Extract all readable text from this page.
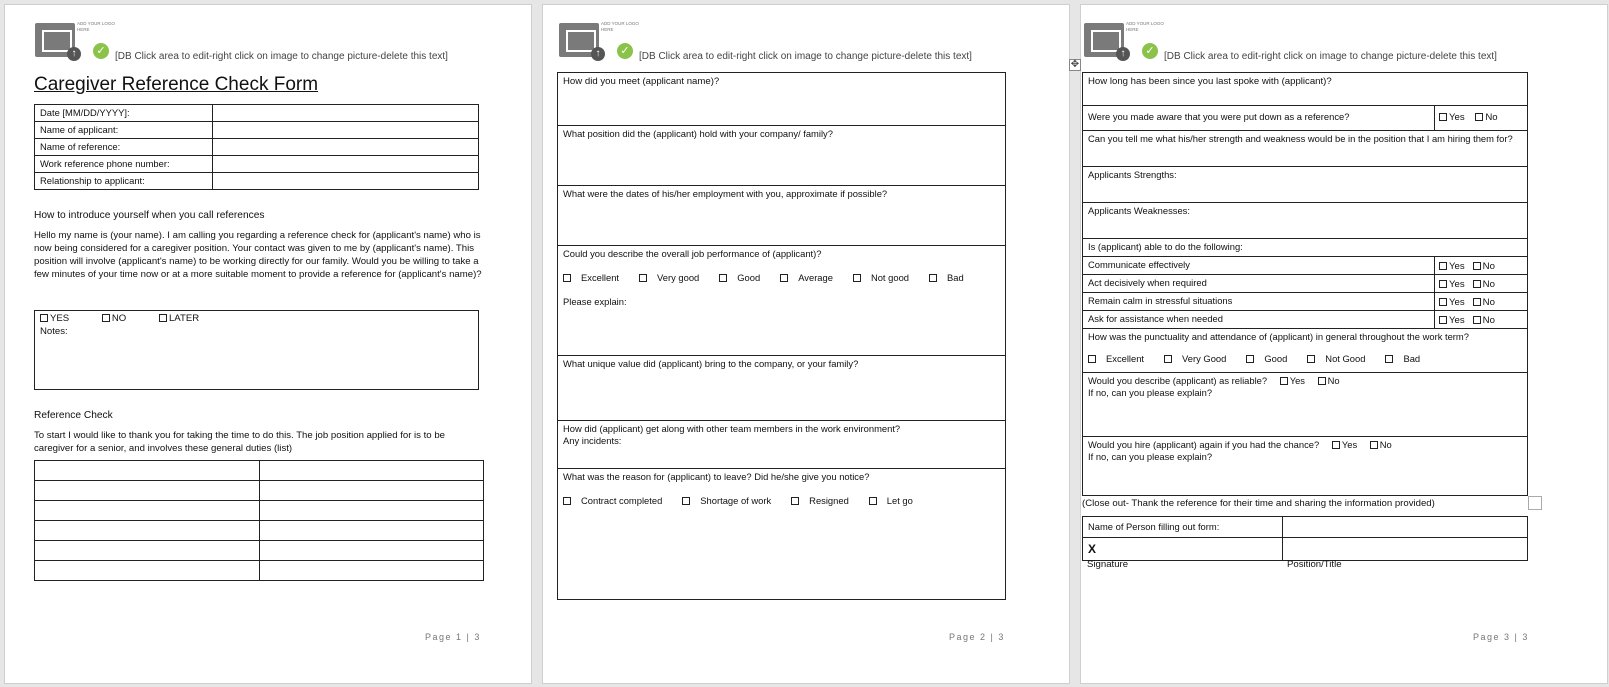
ADD YOUR LOGO HERE
↑	✓ [DB Click area to edit-right click on image to change picture-delete this text]
Caregiver Reference Check Form
Date [MM/DD/YYYY]:	
Name of applicant:	
Name of reference:	
Work reference phone number:	
Relationship to applicant:	
How to introduce yourself when you call references
Hello my name is (your name). I am calling you regarding a reference check for (applicant's name) who is now being considered for a caregiver position. Your contact was given to me by (applicant's name). This position will involve (applicant's name) to be working directly for our family. Would you be willing to take a few minutes of your time now or at a more suitable moment to provide a reference for (applicant's name)?
YES	NO	LATER
Notes:
Reference Check
To start I would like to thank you for taking the time to do this. The job position applied for is to be caregiver for a senior, and involves these general duties (list)

Page 1 | 3
ADD YOUR LOGO HERE
↑	✓ [DB Click area to edit-right click on image to change picture-delete this text]
How did you meet (applicant name)?
What position did the (applicant) hold with your company/ family?
What were the dates of his/her employment with you, approximate if possible?
Could you describe the overall job performance of (applicant)?
Excellent	Very good	Good	Average	Not good	Bad
Please explain:
What unique value did (applicant) bring to the company, or your family?
How did (applicant) get along with other team members in the work environment?
Any incidents:
What was the reason for (applicant) to leave? Did he/she give you notice?
Contract completed	Shortage of work	Resigned	Let go
Page 2 | 3
ADD YOUR LOGO HERE
↑	✓ [DB Click area to edit-right click on image to change picture-delete this text]
✥
How long has been since you last spoke with (applicant)?
Were you made aware that you were put down as a reference?	Yes No
Can you tell me what his/her strength and weakness would be in the position that I am hiring them for?
Applicants Strengths:
Applicants Weaknesses:
Is (applicant) able to do the following:
Communicate effectively	Yes No
Act decisively when required	Yes No
Remain calm in stressful situations	Yes No
Ask for assistance when needed	Yes No
How was the punctuality and attendance of (applicant) in general throughout the work term?
Excellent	Very Good	Good	Not Good	Bad
Would you describe (applicant) as reliable? Yes No
If no, can you please explain?
Would you hire (applicant) again if you had the chance? Yes No
If no, can you please explain?
(Close out- Thank the reference for their time and sharing the information provided)
Name of Person filling out form:	
X	
Signature	Position/Title
Page 3 | 3
